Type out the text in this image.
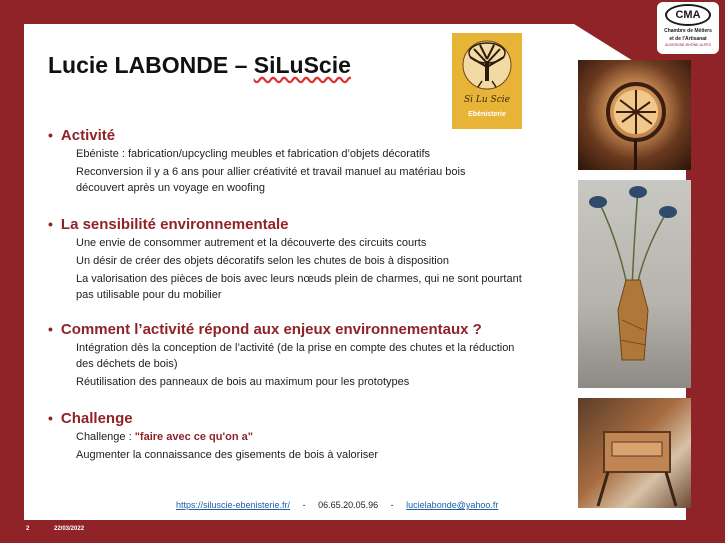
CMA
Chambre de Métiers
et de l'Artisanat
AUVERGNE-RHÔNE-ALPES
Lucie LABONDE – SiLuScie
Si Lu Scie
Ebénisterie
• Activité
Ebéniste : fabrication/upcycling meubles et fabrication d’objets décoratifs
Reconversion il y a 6 ans pour allier créativité et travail manuel au matériau bois découvert après un voyage en woofing
• La sensibilité environnementale
Une envie de consommer autrement et la découverte des circuits courts
Un désir de créer des objets décoratifs selon les chutes de bois à disposition
La valorisation des pièces de bois avec leurs nœuds plein de charmes, qui ne sont pourtant pas utilisable pour du mobilier
• Comment l’activité répond aux enjeux environnementaux ?
Intégration dès la conception de l’activité (de la prise en compte des chutes et la réduction des déchets de bois)
Réutilisation des panneaux de bois au maximum pour les prototypes
• Challenge
Challenge : "faire avec ce qu'on a"
Augmenter la connaissance des gisements de bois à valoriser
https://siluscie-ebenisterie.fr/ - 06.65.20.05.96 - lucielabonde@yahoo.fr
2	22/03/2022
